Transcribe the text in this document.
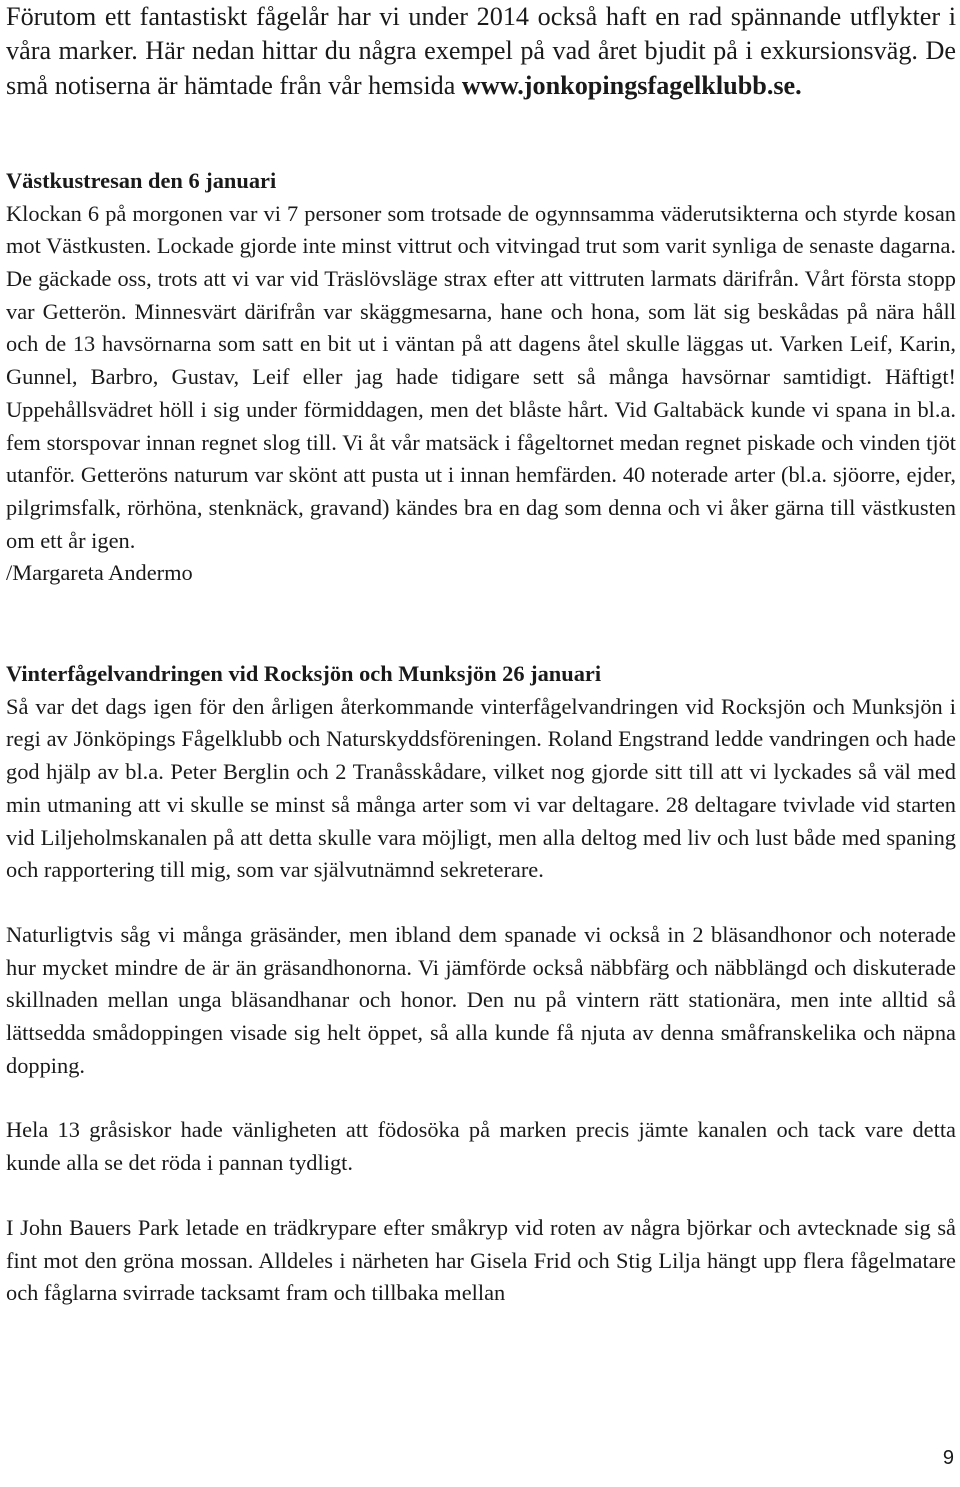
Förutom ett fantastiskt fågelår har vi under 2014 också haft en rad spännande utflykter i våra marker. Här nedan hittar du några exempel på vad året bjudit på i exkursionsväg. De små notiserna är hämtade från vår hemsida www.jonkopingsfagelklubb.se.

Västkustresan den 6 januari

Klockan 6 på morgonen var vi 7 personer som trotsade de ogynnsamma väderutsikterna och styrde kosan mot Västkusten. Lockade gjorde inte minst vittrut och vitvingad trut som varit synliga de senaste dagarna. De gäckade oss, trots att vi var vid Träslövsläge strax efter att vittruten larmats därifrån. Vårt första stopp var Getterön. Minnesvärt därifrån var skäggmesarna, hane och hona, som lät sig beskådas på nära håll och de 13 havsörnarna som satt en bit ut i väntan på att dagens åtel skulle läggas ut. Varken Leif, Karin, Gunnel, Barbro, Gustav, Leif eller jag hade tidigare sett så många havsörnar samtidigt. Häftigt! Uppehållsvädret höll i sig under förmiddagen, men det blåste hårt. Vid Galtabäck kunde vi spana in bl.a. fem storspovar innan regnet slog till. Vi åt vår matsäck i fågeltornet medan regnet piskade och vinden tjöt utanför. Getteröns naturum var skönt att pusta ut i innan hemfärden. 40 noterade arter (bl.a. sjöorre, ejder, pilgrimsfalk, rörhöna, stenknäck, gravand) kändes bra en dag som denna och vi åker gärna till västkusten om ett år igen.

/Margareta Andermo
Vinterfågelvandringen vid Rocksjön och Munksjön 26 januari

Så var det dags igen för den årligen återkommande vinterfågelvandringen vid Rocksjön och Munksjön i regi av Jönköpings Fågelklubb och Naturskyddsföreningen. Roland Engstrand ledde vandringen och hade god hjälp av bl.a. Peter Berglin och 2 Tranåsskådare, vilket nog gjorde sitt till att vi lyckades så väl med min utmaning att vi skulle se minst så många arter som vi var deltagare. 28 deltagare tvivlade vid starten vid Liljeholmskanalen på att detta skulle vara möjligt, men alla deltog med liv och lust både med spaning och rapportering till mig, som var självutnämnd sekreterare.

Naturligtvis såg vi många gräsänder, men ibland dem spanade vi också in 2 bläsandhonor och noterade hur mycket mindre de är än gräsandhonorna. Vi jämförde också näbbfärg och näbblängd och diskuterade skillnaden mellan unga bläsandhanar och honor. Den nu på vintern rätt stationära, men inte alltid så lättsedda smådoppingen visade sig helt öppet, så alla kunde få njuta av denna småfranskelika och näpna dopping.

Hela 13 gråsiskor hade vänligheten att födosöka på marken precis jämte kanalen och tack vare detta kunde alla se det röda i pannan tydligt.

I John Bauers Park letade en trädkrypare efter småkryp vid roten av några björkar och avtecknade sig så fint mot den gröna mossan. Alldeles i närheten har Gisela Frid och Stig Lilja hängt upp flera fågelmatare och fåglarna svirrade tacksamt fram och tillbaka mellan

9
